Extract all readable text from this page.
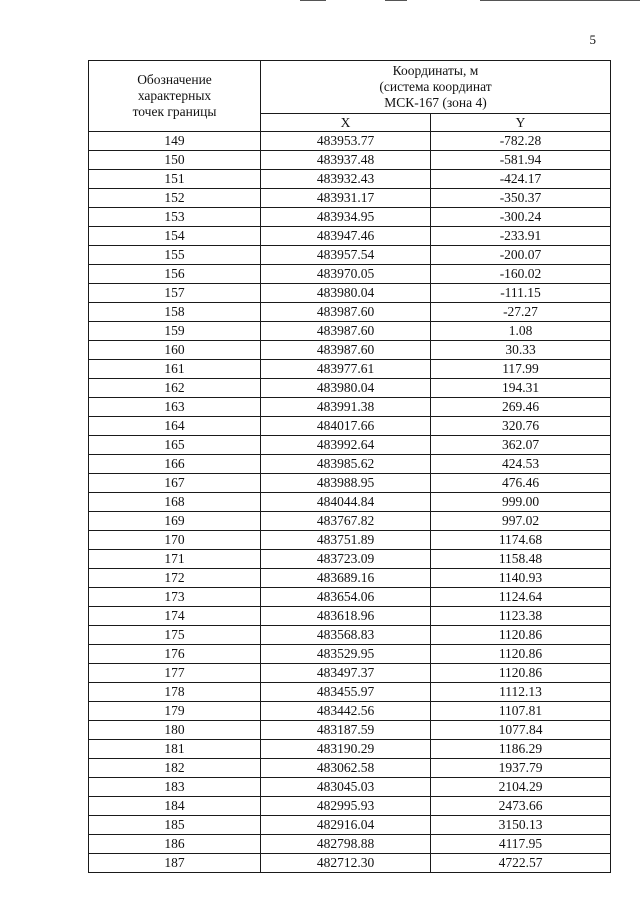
5
Обозначение
характерных
точек границы	Координаты, м
(система координат
МСК-167 (зона 4)	

	X	Y
149	483953.77	-782.28
150	483937.48	-581.94
151	483932.43	-424.17
152	483931.17	-350.37
153	483934.95	-300.24
154	483947.46	-233.91
155	483957.54	-200.07
156	483970.05	-160.02
157	483980.04	-111.15
158	483987.60	-27.27
159	483987.60	1.08
160	483987.60	30.33
161	483977.61	117.99
162	483980.04	194.31
163	483991.38	269.46
164	484017.66	320.76
165	483992.64	362.07
166	483985.62	424.53
167	483988.95	476.46
168	484044.84	999.00
169	483767.82	997.02
170	483751.89	1174.68
171	483723.09	1158.48
172	483689.16	1140.93
173	483654.06	1124.64
174	483618.96	1123.38
175	483568.83	1120.86
176	483529.95	1120.86
177	483497.37	1120.86
178	483455.97	1112.13
179	483442.56	1107.81
180	483187.59	1077.84
181	483190.29	1186.29
182	483062.58	1937.79
183	483045.03	2104.29
184	482995.93	2473.66
185	482916.04	3150.13
186	482798.88	4117.95
187	482712.30	4722.57
